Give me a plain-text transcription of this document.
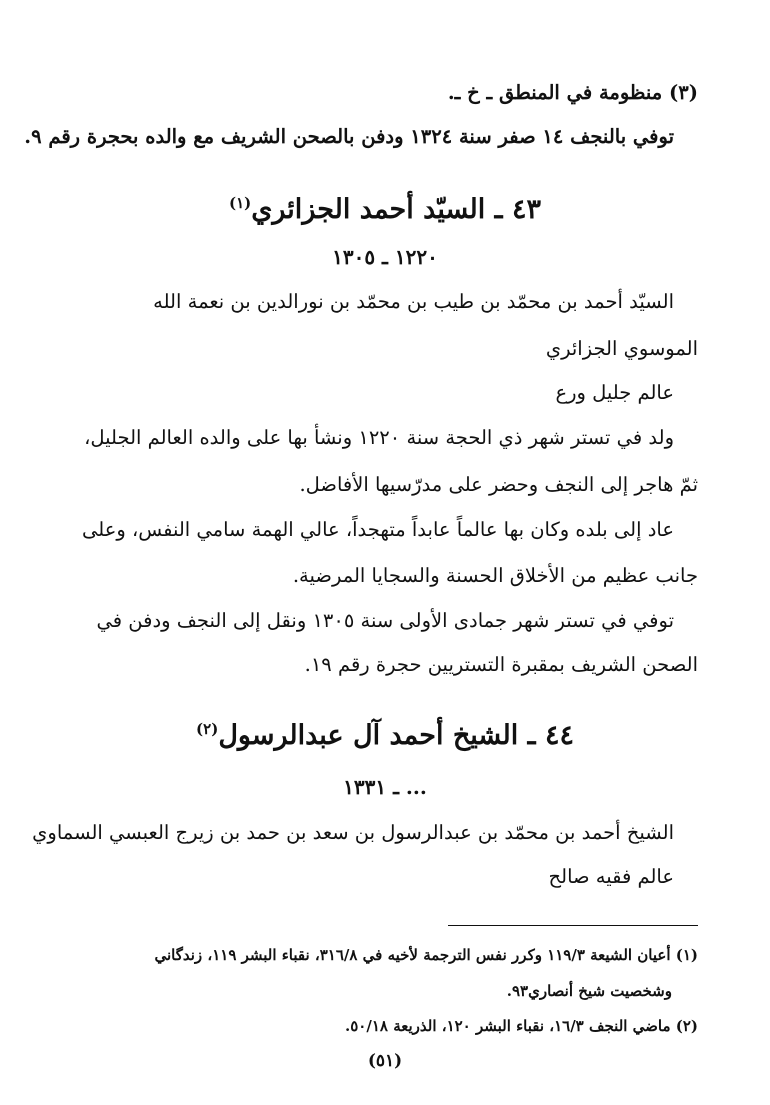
(٣) منظومة في المنطق ـ خ ـ.
توفي بالنجف ١٤ صفر سنة ١٣٢٤ ودفن بالصحن الشريف مع والده بحجرة رقم ٩.
٤٣ ـ السيّد أحمد الجزائري$^{(١)}$
١٢٢٠ ـ ١٣٠٥
السيّد أحمد بن محمّد بن طيب بن محمّد بن نورالدين بن نعمة الله
الموسوي الجزائري
عالم جليل ورع
ولد في تستر شهر ذي الحجة سنة ١٢٢٠ ونشأ بها على والده العالم الجليل،
ثمّ هاجر إلى النجف وحضر على مدرّسيها الأفاضل.
عاد إلى بلده وكان بها عالماً عابداً متهجداً، عالي الهمة سامي النفس، وعلى
جانب عظيم من الأخلاق الحسنة والسجايا المرضية.
توفي في تستر شهر جمادى الأولى سنة ١٣٠٥ ونقل إلى النجف ودفن في
الصحن الشريف بمقبرة التستريين حجرة رقم ١٩.
٤٤ ـ الشيخ أحمد آل عبدالرسول$^{(٢)}$
... ـ ١٣٣١
الشيخ أحمد بن محمّد بن عبدالرسول بن سعد بن حمد بن زيرج العبسي السماوي
عالم فقيه صالح
(١) أعيان الشيعة ١١٩/٣ وكرر نفس الترجمة لأخيه في ٣١٦/٨، نقباء البشر ١١٩، زندگاني
وشخصيت شيخ أنصاري٩٣.
(٢) ماضي النجف ١٦/٣، نقباء البشر ١٢٠، الذريعة ٥٠/١٨.
(٥١)
